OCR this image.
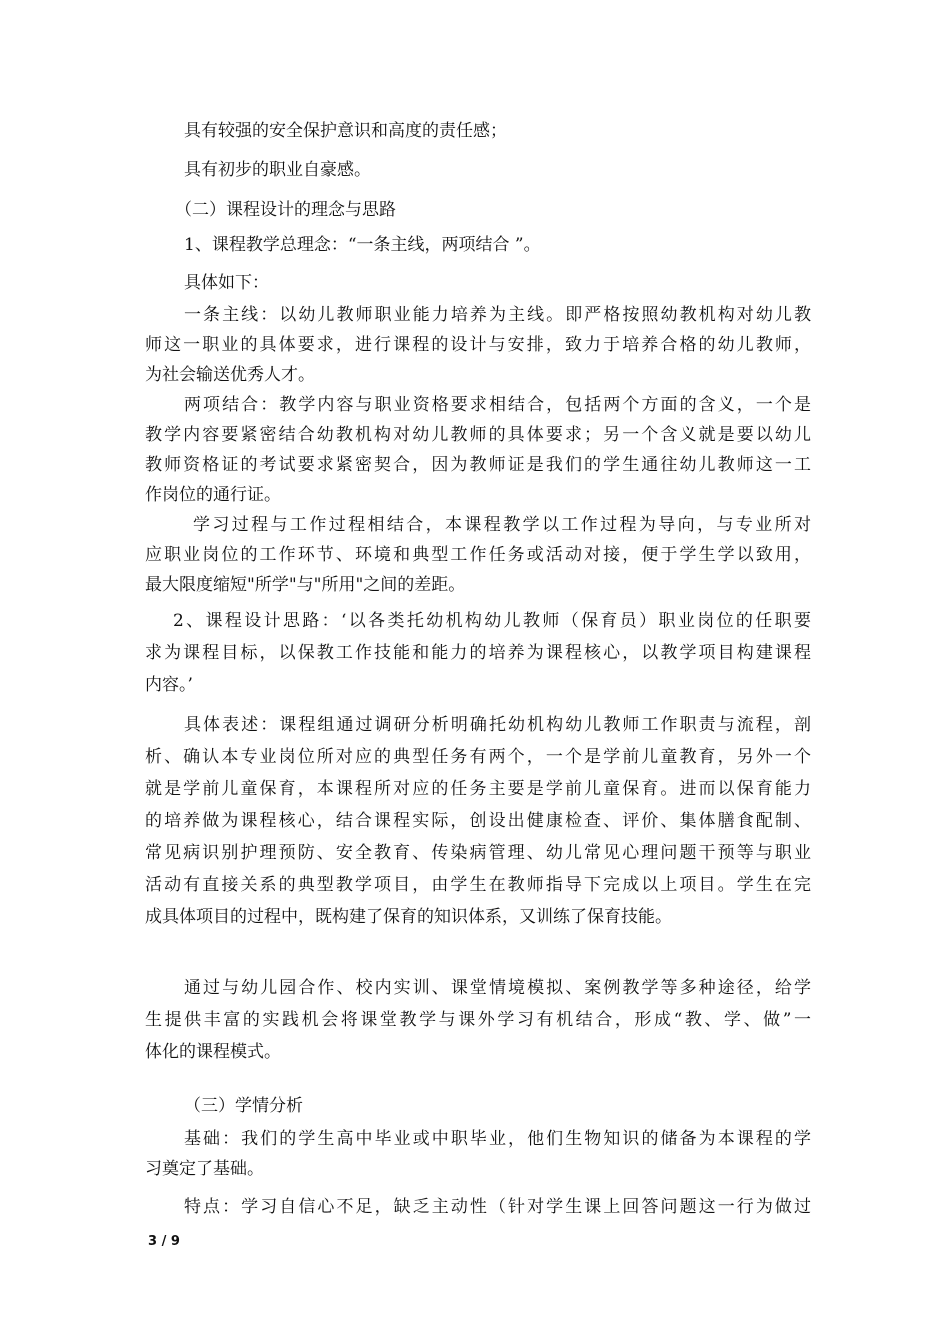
具有较强的安全保护意识和高度的责任感；
具有初步的职业自豪感。
（二）课程设计的理念与思路
1、课程教学总理念：“一条主线，两项结合 ”。
具体如下：
一条主线：以幼儿教师职业能力培养为主线。即严格按照幼教机构对幼儿教
师这一职业的具体要求，进行课程的设计与安排，致力于培养合格的幼儿教师，
为社会输送优秀人才。
两项结合：教学内容与职业资格要求相结合，包括两个方面的含义，一个是
教学内容要紧密结合幼教机构对幼儿教师的具体要求；另一个含义就是要以幼儿
教师资格证的考试要求紧密契合，因为教师证是我们的学生通往幼儿教师这一工
作岗位的通行证。
学习过程与工作过程相结合，本课程教学以工作过程为导向，与专业所对
应职业岗位的工作环节、环境和典型工作任务或活动对接，便于学生学以致用，
最大限度缩短"所学"与"所用"之间的差距。
2、课程设计思路：‘以各类托幼机构幼儿教师（保育员）职业岗位的任职要
求为课程目标，以保教工作技能和能力的培养为课程核心，以教学项目构建课程
内容。’
具体表述：课程组通过调研分析明确托幼机构幼儿教师工作职责与流程，剖
析、确认本专业岗位所对应的典型任务有两个，一个是学前儿童教育，另外一个
就是学前儿童保育，本课程所对应的任务主要是学前儿童保育。进而以保育能力
的培养做为课程核心，结合课程实际，创设出健康检查、评价、集体膳食配制、
常见病识别护理预防、安全教育、传染病管理、幼儿常见心理问题干预等与职业
活动有直接关系的典型教学项目，由学生在教师指导下完成以上项目。学生在完
成具体项目的过程中，既构建了保育的知识体系，又训练了保育技能。
通过与幼儿园合作、校内实训、课堂情境模拟、案例教学等多种途径，给学
生提供丰富的实践机会将课堂教学与课外学习有机结合，形成“教、学、做”一
体化的课程模式。
（三）学情分析
基础：我们的学生高中毕业或中职毕业，他们生物知识的储备为本课程的学
习奠定了基础。
特点：学习自信心不足，缺乏主动性（针对学生课上回答问题这一行为做过
3 / 9
